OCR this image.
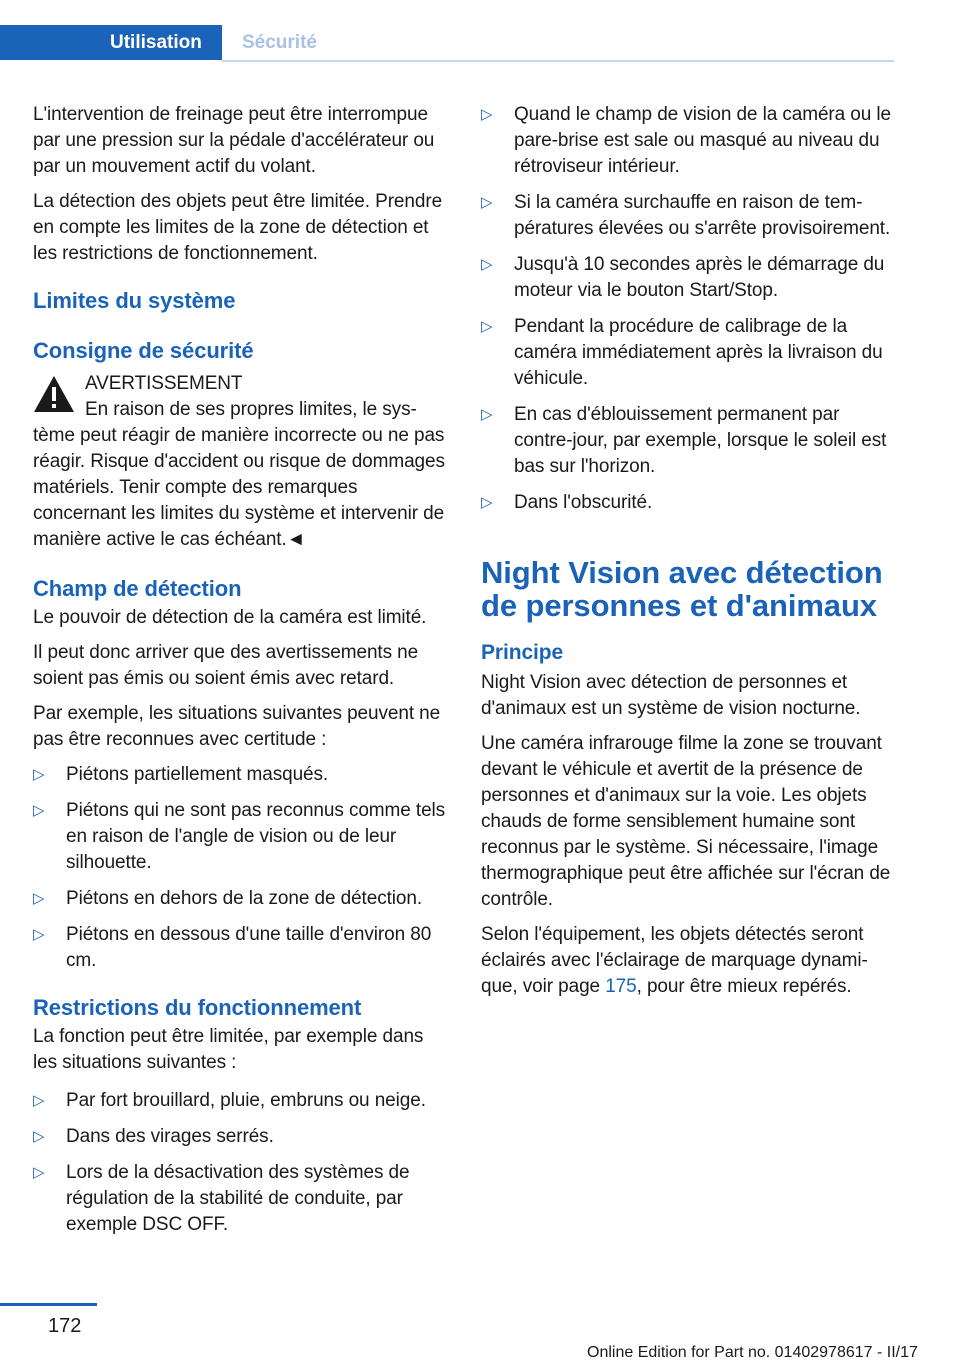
Utilisation	Sécurité

L'intervention de freinage peut être interrompue par une pression sur la pédale d'accélérateur ou par un mouvement actif du volant.

La détection des objets peut être limitée. Prendre en compte les limites de la zone de détection et les restrictions de fonctionnement.

Limites du système
Consigne de sécurité
AVERTISSEMENT

En raison de ses propres limites, le système peut réagir de manière incorrecte ou ne pas réagir. Risque d'accident ou risque de dommages matériels. Tenir compte des remarques concernant les limites du système et intervenir de manière active le cas échéant.◄

Champ de détection

Le pouvoir de détection de la caméra est limité.

Il peut donc arriver que des avertissements ne soient pas émis ou soient émis avec retard.

Par exemple, les situations suivantes peuvent ne pas être reconnues avec certitude :

▷ Piétons partiellement masqués.
▷ Piétons qui ne sont pas reconnus comme tels en raison de l'angle de vision ou de leur silhouette.
▷ Piétons en dehors de la zone de détection.
▷ Piétons en dessous d'une taille d'environ 80 cm.
Restrictions du fonctionnement

La fonction peut être limitée, par exemple dans les situations suivantes :

▷ Par fort brouillard, pluie, embruns ou neige.
▷ Dans des virages serrés.
▷ Lors de la désactivation des systèmes de régulation de la stabilité de conduite, par exemple DSC OFF.
▷ Quand le champ de vision de la caméra ou le pare-brise est sale ou masqué au niveau du rétroviseur intérieur.
▷ Si la caméra surchauffe en raison de températures élevées ou s'arrête provisoirement.
▷ Jusqu'à 10 secondes après le démarrage du moteur via le bouton Start/Stop.
▷ Pendant la procédure de calibrage de la caméra immédiatement après la livraison du véhicule.
▷ En cas d'éblouissement permanent par contre-jour, par exemple, lorsque le soleil est bas sur l'horizon.
▷ Dans l'obscurité.
Night Vision avec détection de personnes et d'animaux
Principe

Night Vision avec détection de personnes et d'animaux est un système de vision nocturne.

Une caméra infrarouge filme la zone se trouvant devant le véhicule et avertit de la présence de personnes et d'animaux sur la voie. Les objets chauds de forme sensiblement humaine sont reconnus par le système. Si nécessaire, l'image thermographique peut être affichée sur l'écran de contrôle.

Selon l'équipement, les objets détectés seront éclairés avec l'éclairage de marquage dynamique, voir page 175, pour être mieux repérés.

172
Online Edition for Part no. 01402978617 - II/17
